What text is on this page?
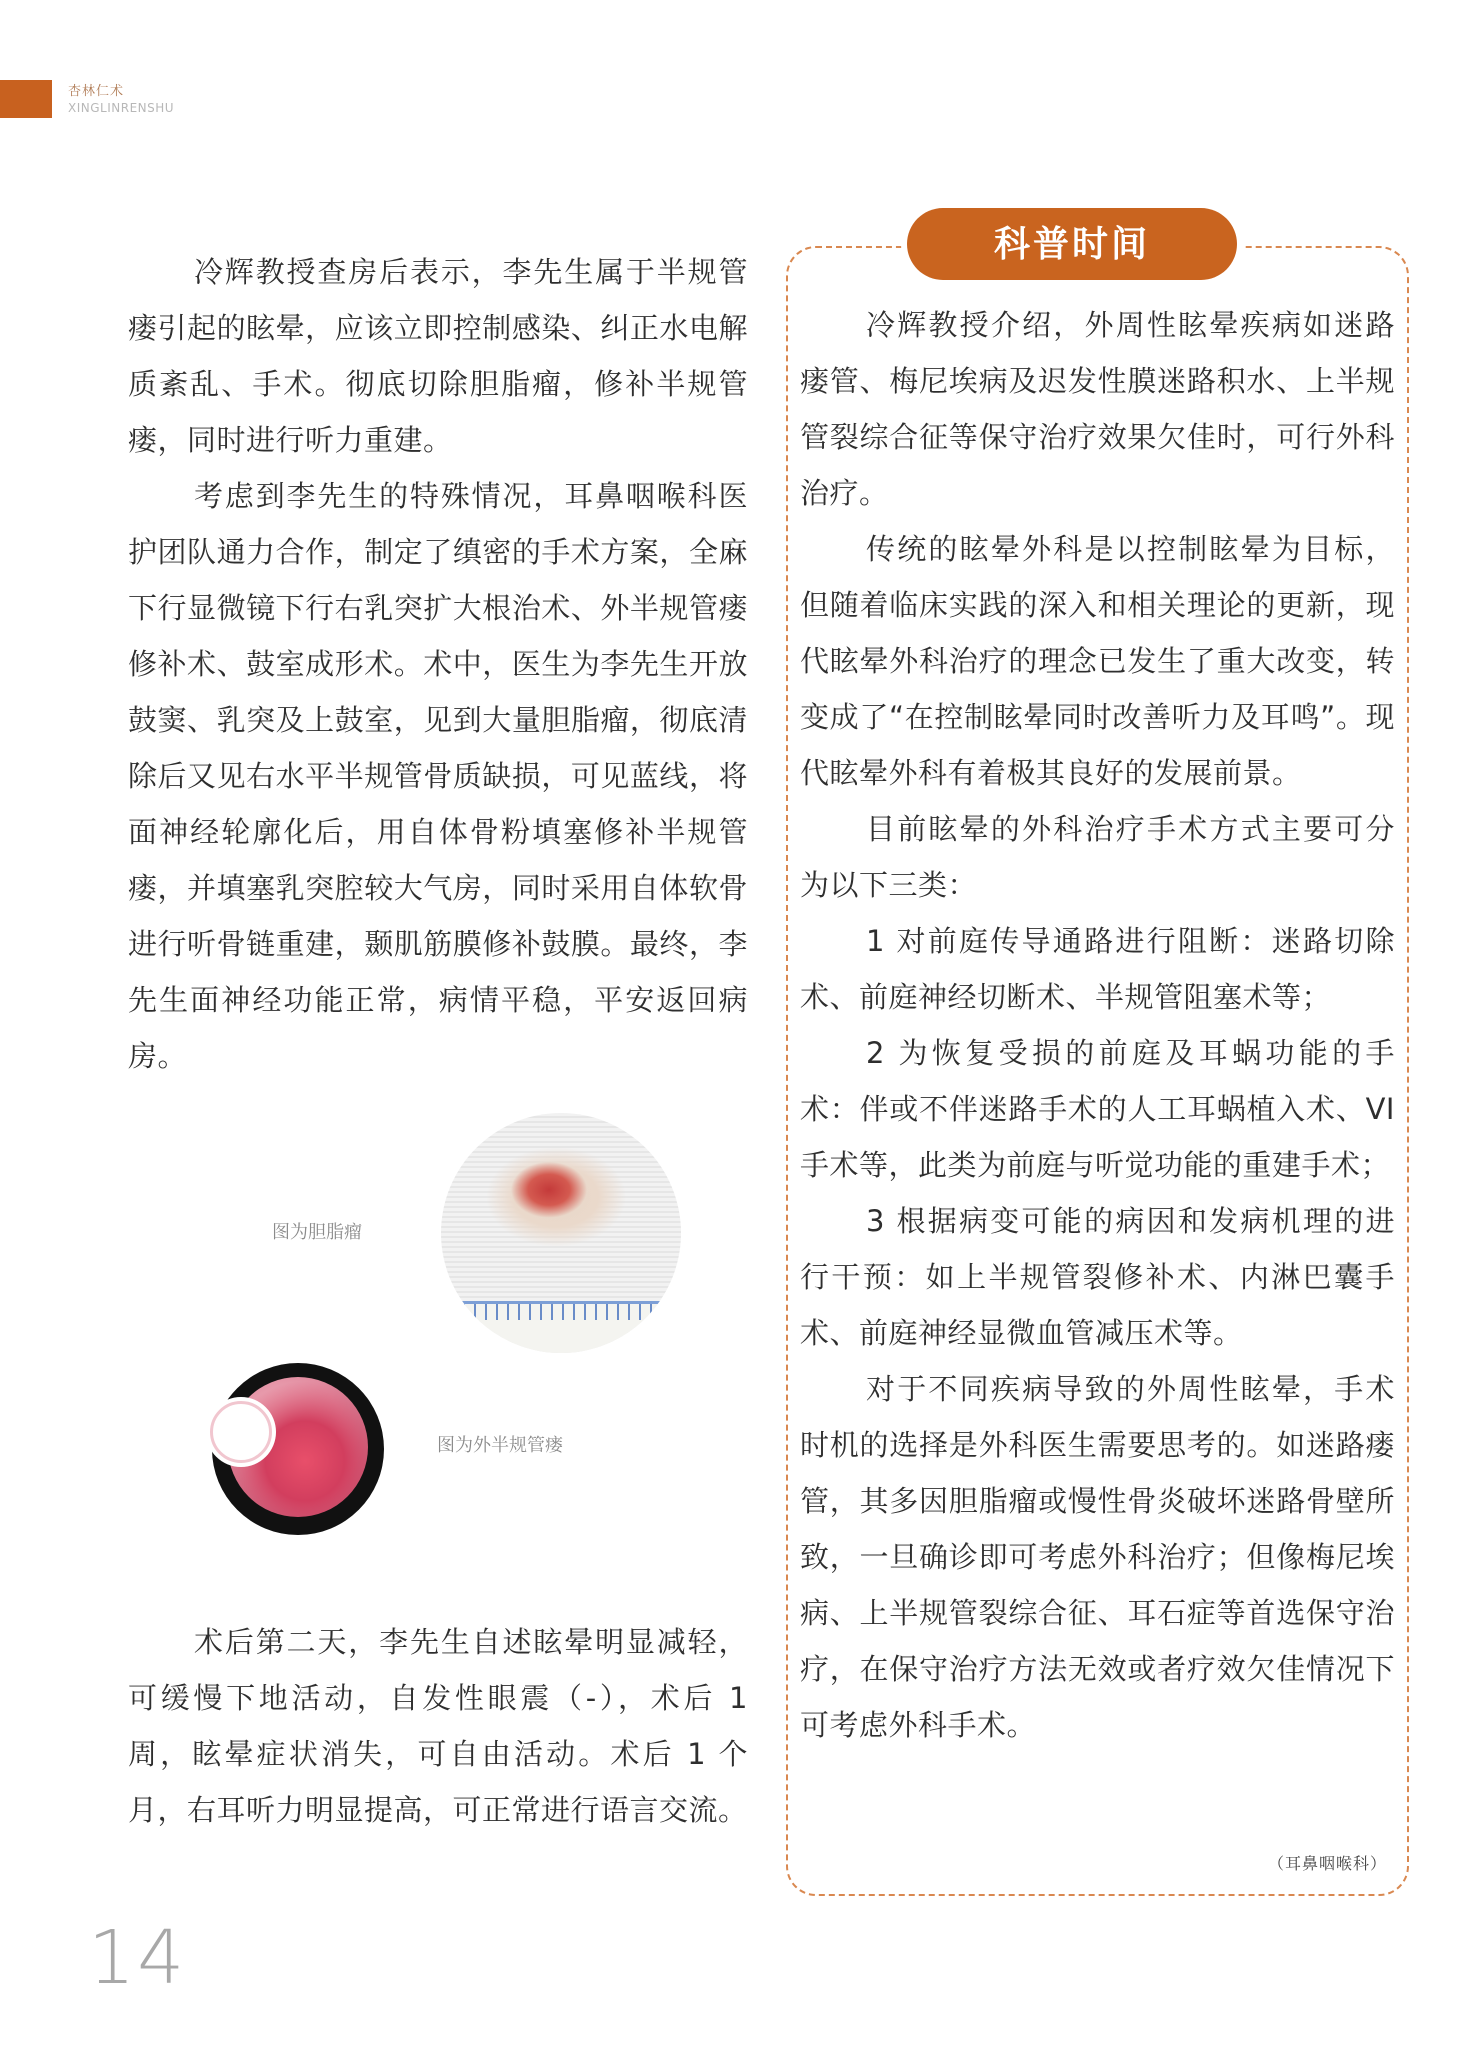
杏林仁术
XINGLINRENSHU

冷辉教授查房后表示，李先生属于半规管瘘引起的眩晕，应该立即控制感染、纠正水电解质紊乱、手术。彻底切除胆脂瘤，修补半规管瘘，同时进行听力重建。

考虑到李先生的特殊情况，耳鼻咽喉科医护团队通力合作，制定了缜密的手术方案，全麻下行显微镜下行右乳突扩大根治术、外半规管瘘修补术、鼓室成形术。术中，医生为李先生开放鼓窦、乳突及上鼓室，见到大量胆脂瘤，彻底清除后又见右水平半规管骨质缺损，可见蓝线，将面神经轮廓化后，用自体骨粉填塞修补半规管瘘，并填塞乳突腔较大气房，同时采用自体软骨进行听骨链重建，颞肌筋膜修补鼓膜。最终，李先生面神经功能正常，病情平稳，平安返回病房。

图为胆脂瘤
图为外半规管瘘

术后第二天，李先生自述眩晕明显减轻，可缓慢下地活动，自发性眼震（-），术后 1 周，眩晕症状消失，可自由活动。术后 1 个月，右耳听力明显提高，可正常进行语言交流。

14
科普时间

冷辉教授介绍，外周性眩晕疾病如迷路瘘管、梅尼埃病及迟发性膜迷路积水、上半规管裂综合征等保守治疗效果欠佳时，可行外科治疗。

传统的眩晕外科是以控制眩晕为目标，但随着临床实践的深入和相关理论的更新，现代眩晕外科治疗的理念已发生了重大改变，转变成了“在控制眩晕同时改善听力及耳鸣”。现代眩晕外科有着极其良好的发展前景。

目前眩晕的外科治疗手术方式主要可分为以下三类：

1 对前庭传导通路进行阻断：迷路切除术、前庭神经切断术、半规管阻塞术等；

2 为恢复受损的前庭及耳蜗功能的手术：伴或不伴迷路手术的人工耳蜗植入术、VI 手术等，此类为前庭与听觉功能的重建手术；

3 根据病变可能的病因和发病机理的进行干预：如上半规管裂修补术、内淋巴囊手术、前庭神经显微血管减压术等。

对于不同疾病导致的外周性眩晕，手术时机的选择是外科医生需要思考的。如迷路瘘管，其多因胆脂瘤或慢性骨炎破坏迷路骨壁所致，一旦确诊即可考虑外科治疗；但像梅尼埃病、上半规管裂综合征、耳石症等首选保守治疗，在保守治疗方法无效或者疗效欠佳情况下可考虑外科手术。

（耳鼻咽喉科）
